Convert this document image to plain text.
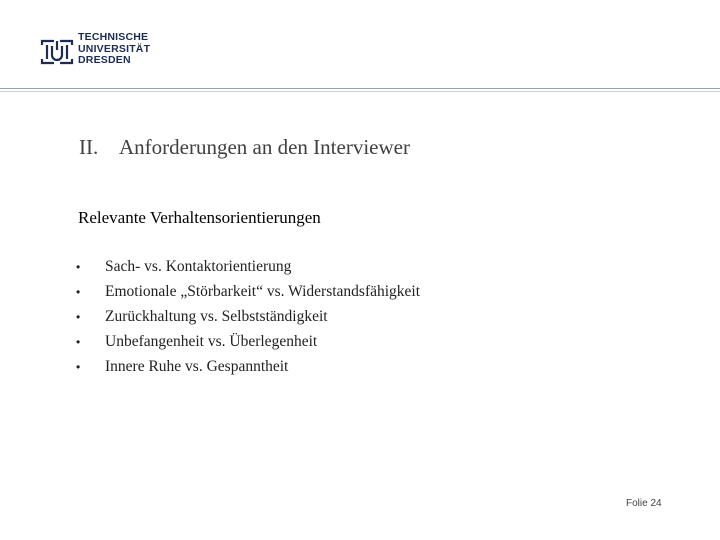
TECHNISCHE
UNIVERSITÄT
DRESDEN
II. Anforderungen an den Interviewer
Relevante Verhaltensorientierungen
• Sach- vs. Kontaktorientierung
• Emotionale „Störbarkeit“ vs. Widerstandsfähigkeit
• Zurückhaltung vs. Selbstständigkeit
• Unbefangenheit vs. Überlegenheit
• Innere Ruhe vs. Gespanntheit
Folie 24
